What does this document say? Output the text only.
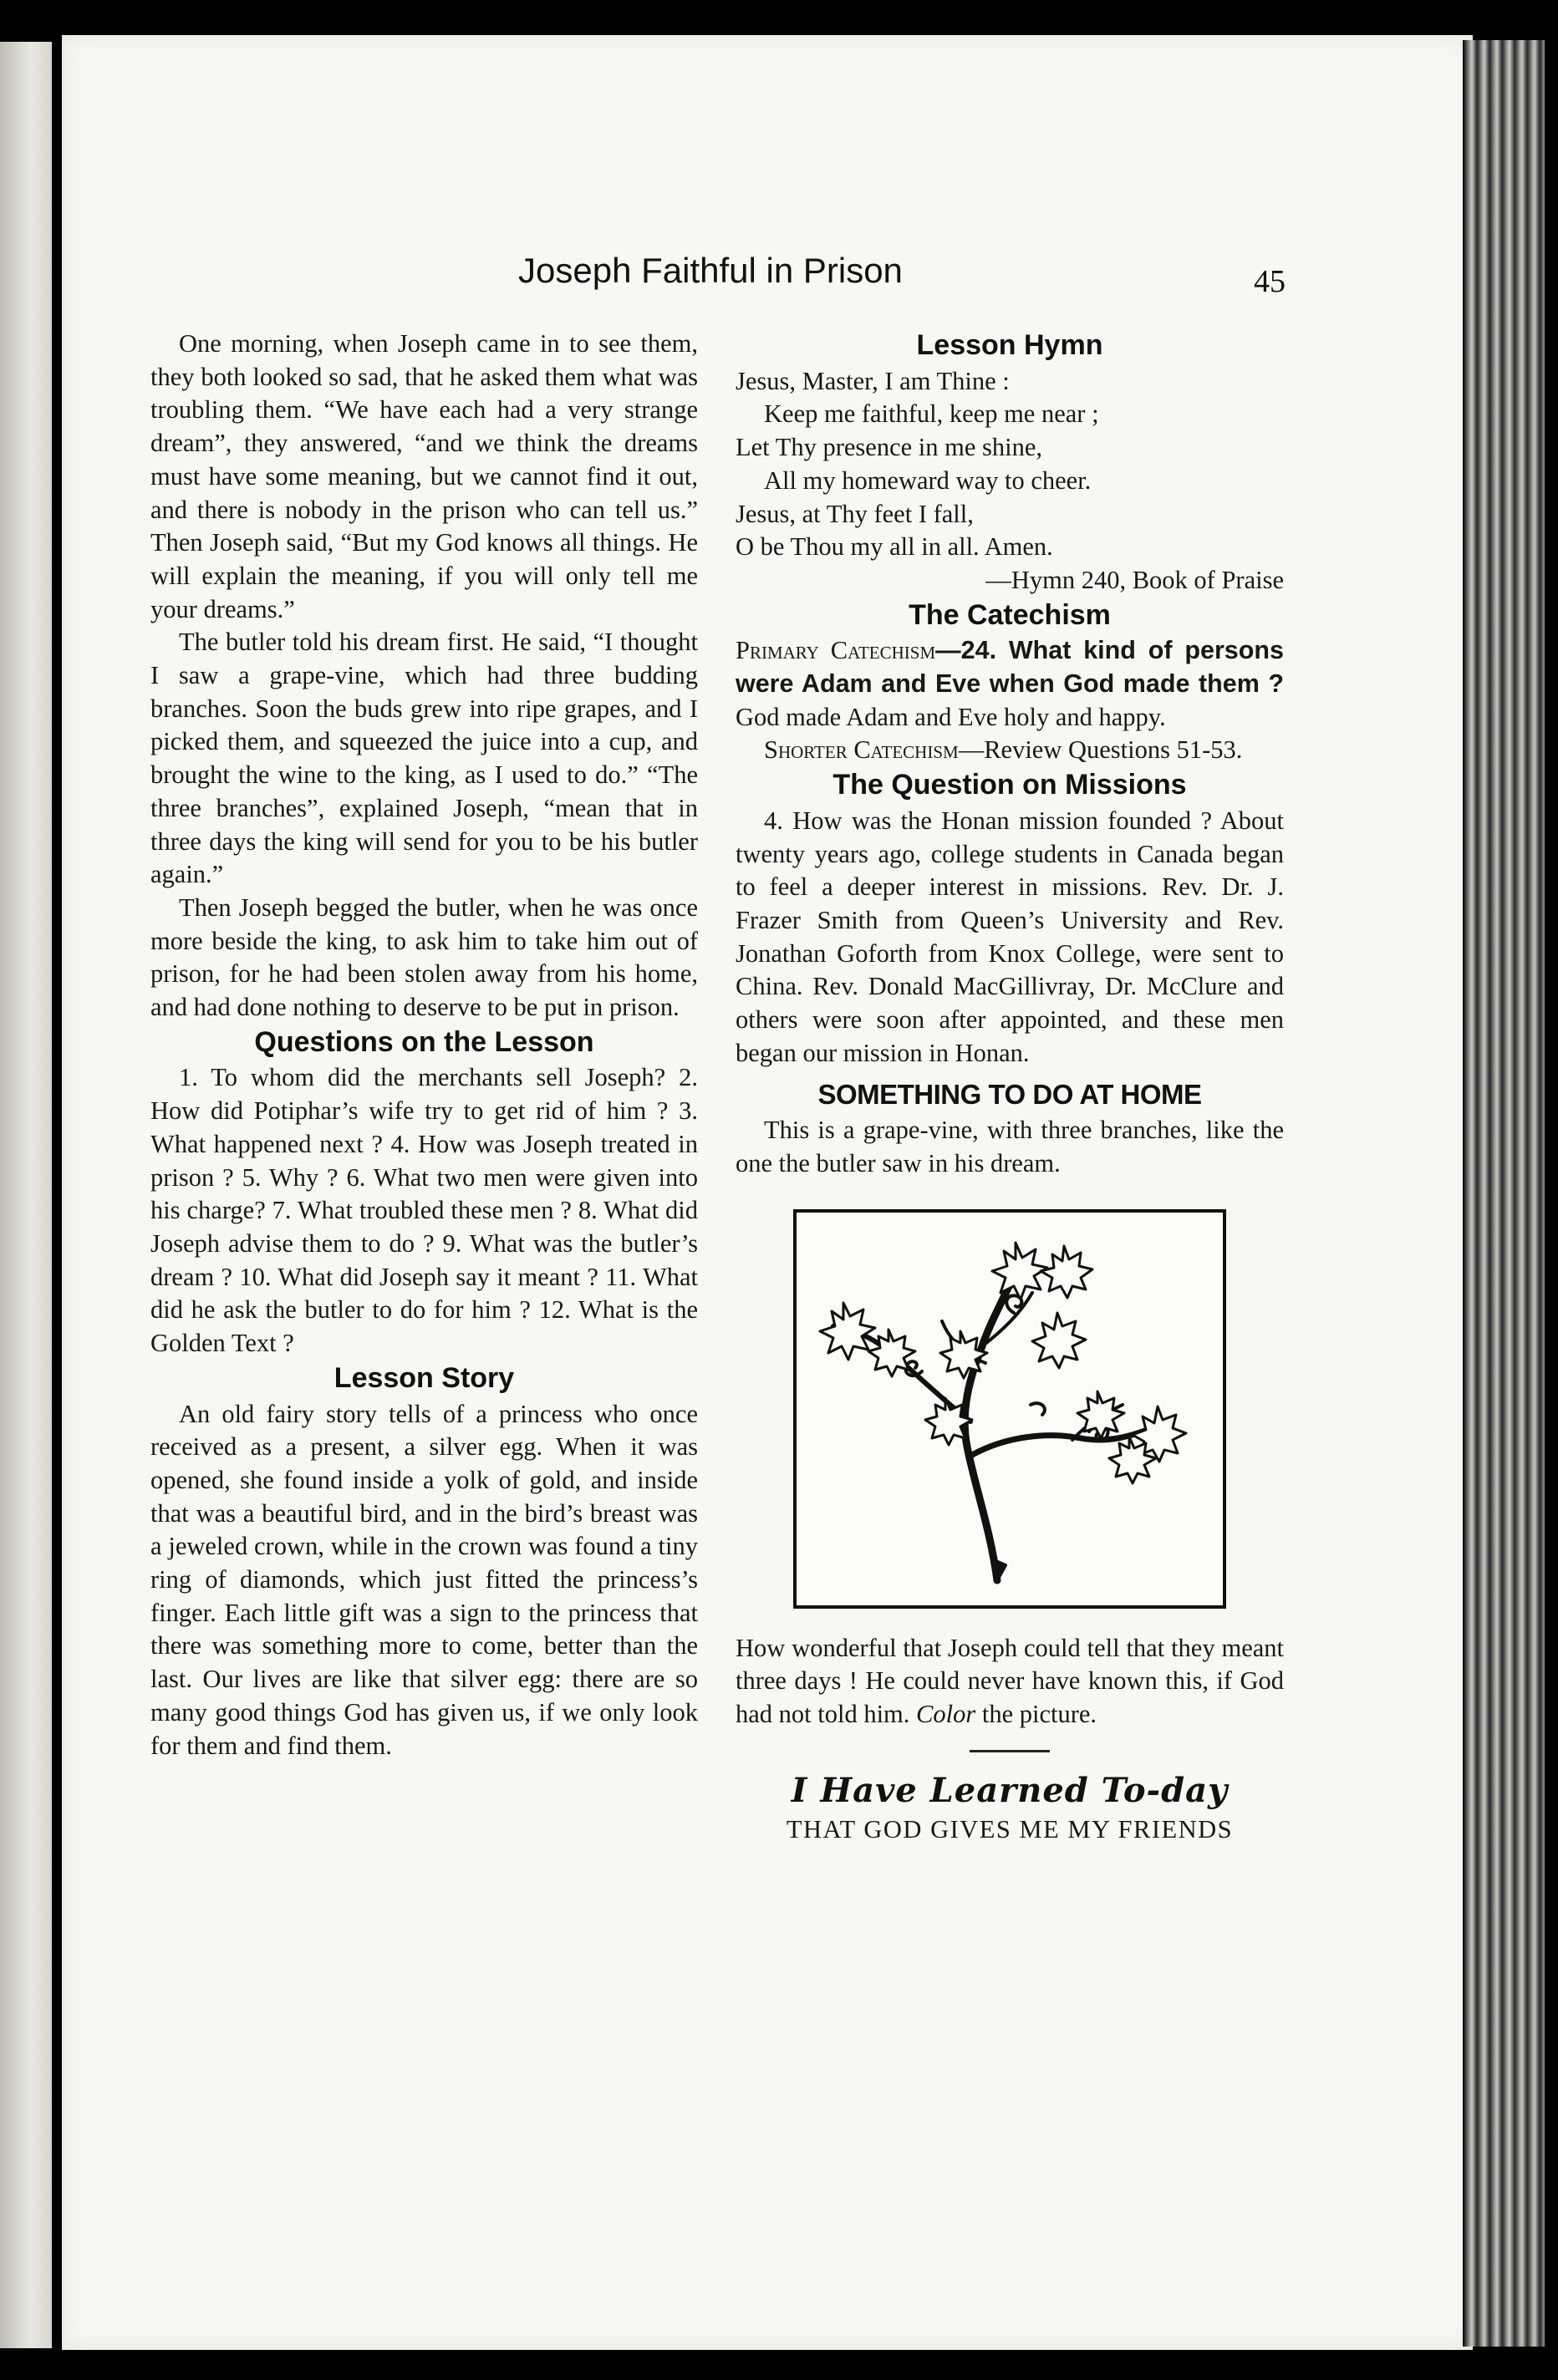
Joseph Faithful in Prison	45

One morning, when Joseph came in to see them, they both looked so sad, that he asked them what was troubling them. “We have each had a very strange dream”, they answered, “and we think the dreams must have some meaning, but we cannot find it out, and there is nobody in the prison who can tell us.” Then Joseph said, “But my God knows all things. He will explain the meaning, if you will only tell me your dreams.”

The butler told his dream first. He said, “I thought I saw a grape-vine, which had three budding branches. Soon the buds grew into ripe grapes, and I picked them, and squeezed the juice into a cup, and brought the wine to the king, as I used to do.” “The three branches”, explained Joseph, “mean that in three days the king will send for you to be his butler again.”

Then Joseph begged the butler, when he was once more beside the king, to ask him to take him out of prison, for he had been stolen away from his home, and had done nothing to deserve to be put in prison.

Questions on the Lesson

1. To whom did the merchants sell Joseph? 2. How did Potiphar’s wife try to get rid of him ? 3. What happened next ? 4. How was Joseph treated in prison ? 5. Why ? 6. What two men were given into his charge? 7. What troubled these men ? 8. What did Joseph advise them to do ? 9. What was the butler’s dream ? 10. What did Joseph say it meant ? 11. What did he ask the butler to do for him ? 12. What is the Golden Text ?

Lesson Story

An old fairy story tells of a princess who once received as a present, a silver egg. When it was opened, she found inside a yolk of gold, and inside that was a beautiful bird, and in the bird’s breast was a jeweled crown, while in the crown was found a tiny ring of diamonds, which just fitted the princess’s finger. Each little gift was a sign to the princess that there was something more to come, better than the last. Our lives are like that silver egg: there are so many good things God has given us, if we only look for them and find them.

Lesson Hymn
Jesus, Master, I am Thine :
Keep me faithful, keep me near ;
Let Thy presence in me shine,
All my homeward way to cheer.
Jesus, at Thy feet I fall,
O be Thou my all in all. Amen.
—Hymn 240, Book of Praise
The Catechism

Primary Catechism—24. What kind of persons were Adam and Eve when God made them ? God made Adam and Eve holy and happy.

Shorter Catechism—Review Questions 51-53.

The Question on Missions

4. How was the Honan mission founded ? About twenty years ago, college students in Canada began to feel a deeper interest in missions. Rev. Dr. J. Frazer Smith from Queen’s University and Rev. Jonathan Goforth from Knox College, were sent to China. Rev. Donald MacGillivray, Dr. McClure and others were soon after appointed, and these men began our mission in Honan.

SOMETHING TO DO AT HOME

This is a grape-vine, with three branches, like the one the butler saw in his dream.

How wonderful that Joseph could tell that they meant three days ! He could never have known this, if God had not told him. Color the picture.

I Have Learned To-day
THAT GOD GIVES ME MY FRIENDS
